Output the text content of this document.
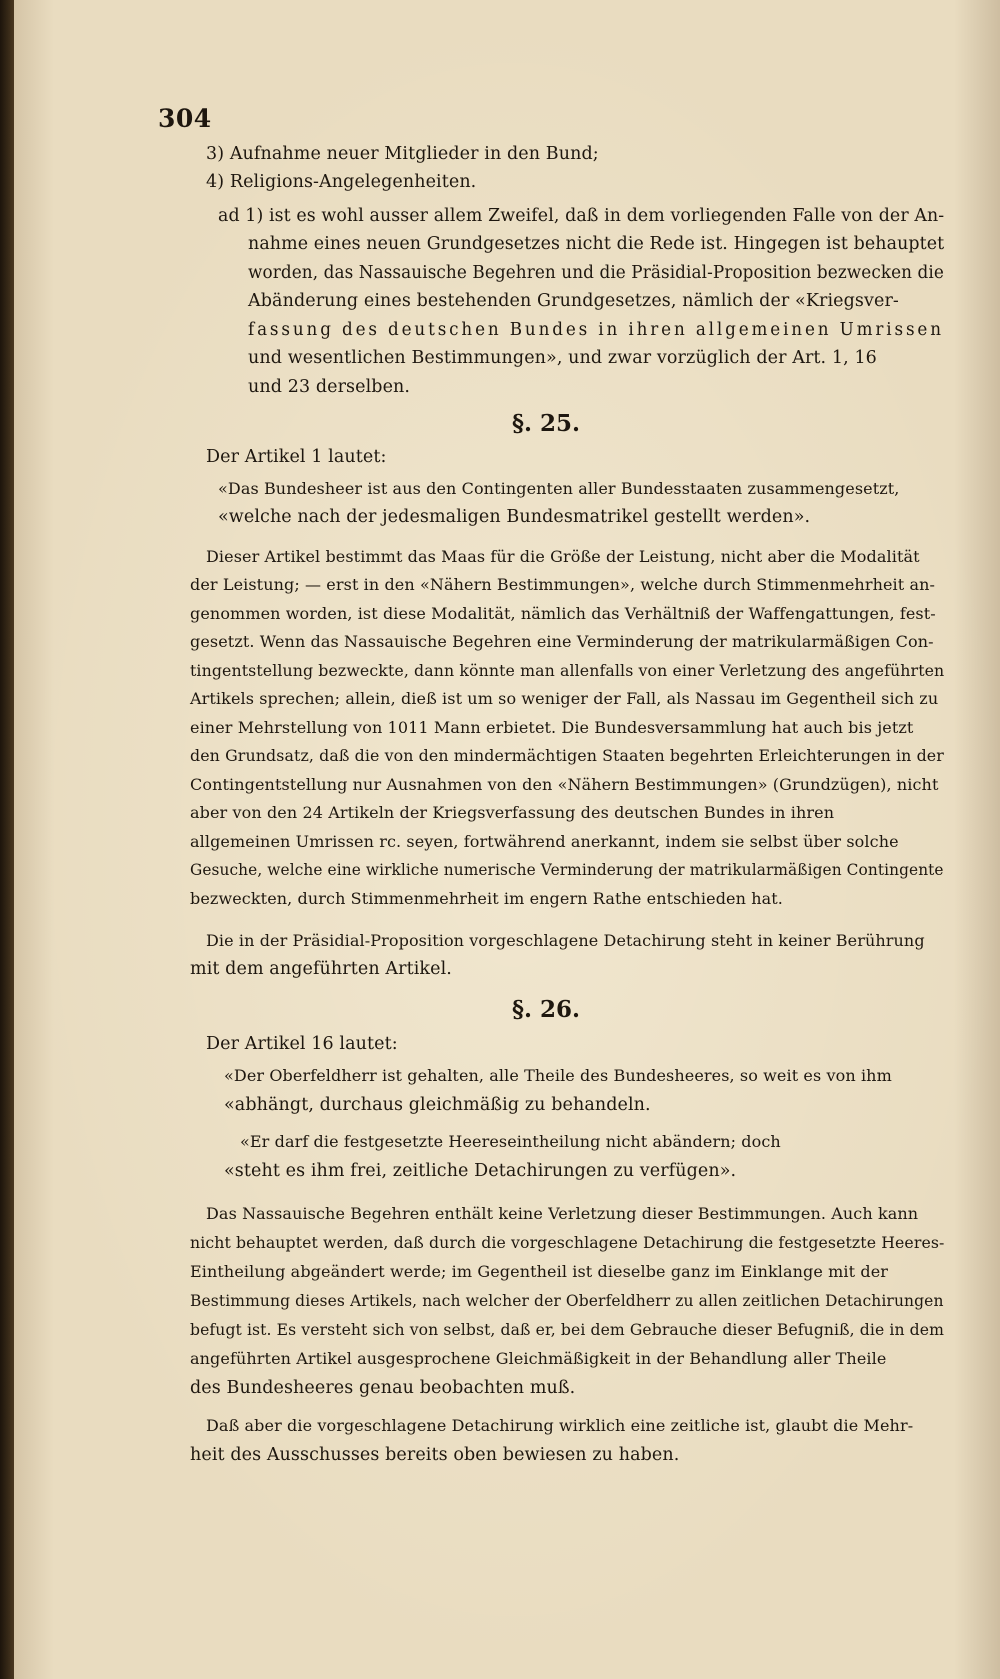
304
3) Aufnahme neuer Mitglieder in den Bund;
4) Religions-Angelegenheiten.
ad 1) ist es wohl ausser allem Zweifel, daß in dem vorliegenden Falle von der An-
nahme eines neuen Grundgesetzes nicht die Rede ist. Hingegen ist behauptet
worden, das Nassauische Begehren und die Präsidial-Proposition bezwecken die
Abänderung eines bestehenden Grundgesetzes, nämlich der «Kriegsver-
fassung des deutschen Bundes in ihren allgemeinen Umrissen
und wesentlichen Bestimmungen», und zwar vorzüglich der Art. 1, 16
und 23 derselben.
§. 25.
Der Artikel 1 lautet:
«Das Bundesheer ist aus den Contingenten aller Bundesstaaten zusammengesetzt,
«welche nach der jedesmaligen Bundesmatrikel gestellt werden».
Dieser Artikel bestimmt das Maas für die Größe der Leistung, nicht aber die Modalität
der Leistung; — erst in den «Nähern Bestimmungen», welche durch Stimmenmehrheit an-
genommen worden, ist diese Modalität, nämlich das Verhältniß der Waffengattungen, fest-
gesetzt. Wenn das Nassauische Begehren eine Verminderung der matrikularmäßigen Con-
tingentstellung bezweckte, dann könnte man allenfalls von einer Verletzung des angeführten
Artikels sprechen; allein, dieß ist um so weniger der Fall, als Nassau im Gegentheil sich zu
einer Mehrstellung von 1011 Mann erbietet. Die Bundesversammlung hat auch bis jetzt
den Grundsatz, daß die von den mindermächtigen Staaten begehrten Erleichterungen in der
Contingentstellung nur Ausnahmen von den «Nähern Bestimmungen» (Grundzügen), nicht
aber von den 24 Artikeln der Kriegsverfassung des deutschen Bundes in ihren
allgemeinen Umrissen rc. seyen, fortwährend anerkannt, indem sie selbst über solche
Gesuche, welche eine wirkliche numerische Verminderung der matrikularmäßigen Contingente
bezweckten, durch Stimmenmehrheit im engern Rathe entschieden hat.
Die in der Präsidial-Proposition vorgeschlagene Detachirung steht in keiner Berührung
mit dem angeführten Artikel.
§. 26.
Der Artikel 16 lautet:
«Der Oberfeldherr ist gehalten, alle Theile des Bundesheeres, so weit es von ihm
«abhängt, durchaus gleichmäßig zu behandeln.
«Er darf die festgesetzte Heereseintheilung nicht abändern; doch
«steht es ihm frei, zeitliche Detachirungen zu verfügen».
Das Nassauische Begehren enthält keine Verletzung dieser Bestimmungen. Auch kann
nicht behauptet werden, daß durch die vorgeschlagene Detachirung die festgesetzte Heeres-
Eintheilung abgeändert werde; im Gegentheil ist dieselbe ganz im Einklange mit der
Bestimmung dieses Artikels, nach welcher der Oberfeldherr zu allen zeitlichen Detachirungen
befugt ist. Es versteht sich von selbst, daß er, bei dem Gebrauche dieser Befugniß, die in dem
angeführten Artikel ausgesprochene Gleichmäßigkeit in der Behandlung aller Theile
des Bundesheeres genau beobachten muß.
Daß aber die vorgeschlagene Detachirung wirklich eine zeitliche ist, glaubt die Mehr-
heit des Ausschusses bereits oben bewiesen zu haben.
